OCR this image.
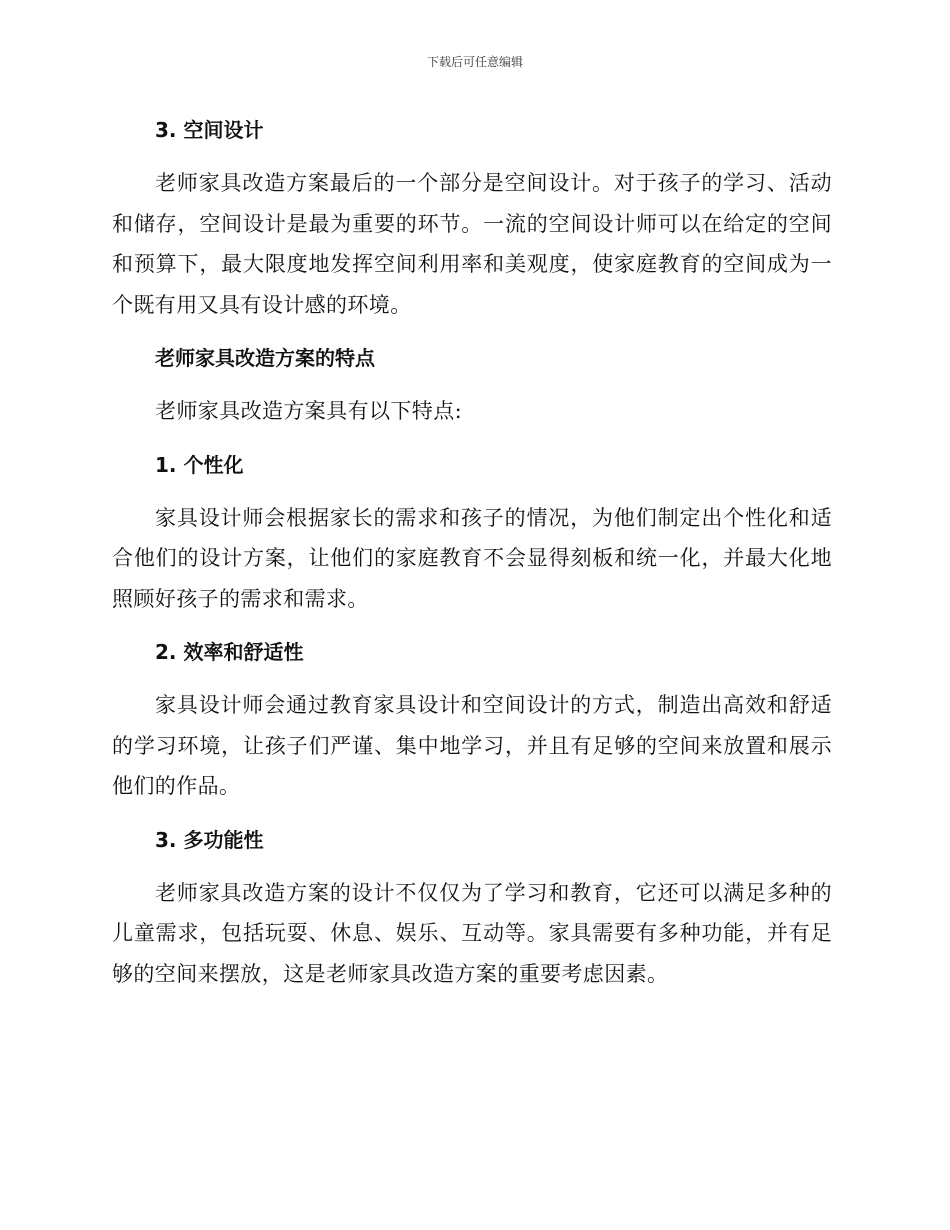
下载后可任意编辑
3. 空间设计

老师家具改造方案最后的一个部分是空间设计。对于孩子的学习、活动和储存，空间设计是最为重要的环节。一流的空间设计师可以在给定的空间和预算下，最大限度地发挥空间利用率和美观度，使家庭教育的空间成为一个既有用又具有设计感的环境。

老师家具改造方案的特点

老师家具改造方案具有以下特点:

1. 个性化

家具设计师会根据家长的需求和孩子的情况，为他们制定出个性化和适合他们的设计方案，让他们的家庭教育不会显得刻板和统一化，并最大化地照顾好孩子的需求和需求。

2. 效率和舒适性

家具设计师会通过教育家具设计和空间设计的方式，制造出高效和舒适的学习环境，让孩子们严谨、集中地学习，并且有足够的空间来放置和展示他们的作品。

3. 多功能性

老师家具改造方案的设计不仅仅为了学习和教育，它还可以满足多种的儿童需求，包括玩耍、休息、娱乐、互动等。家具需要有多种功能，并有足够的空间来摆放，这是老师家具改造方案的重要考虑因素。
